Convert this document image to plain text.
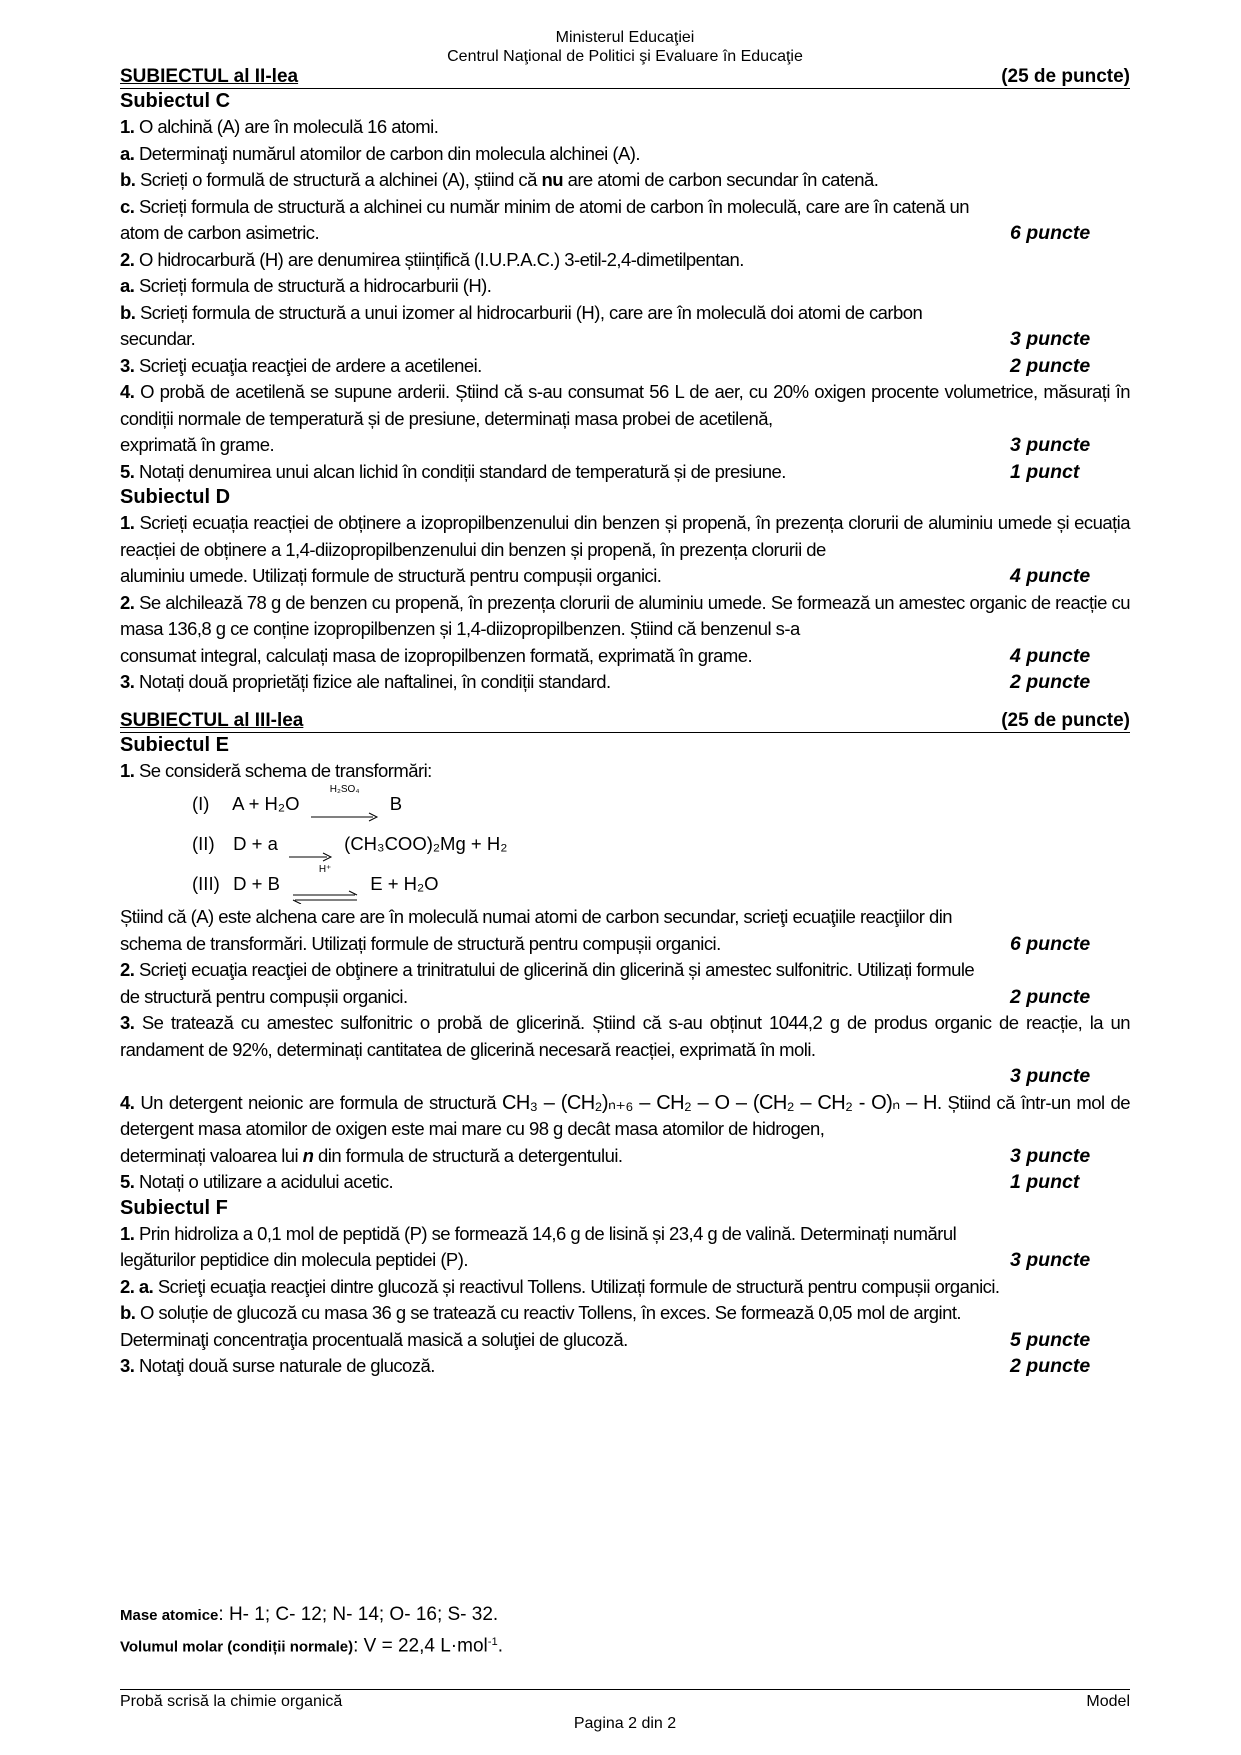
Ministerul Educaţiei
Centrul Naţional de Politici şi Evaluare în Educaţie
SUBIECTUL al II-lea	(25 de puncte)
Subiectul C
1. O alchină (A) are în moleculă 16 atomi.
a. Determinaţi numărul atomilor de carbon din molecula alchinei (A).
b. Scrieți o formulă de structură a alchinei (A), știind că nu are atomi de carbon secundar în catenă.
c. Scrieți formula de structură a alchinei cu număr minim de atomi de carbon în moleculă, care are în catenă un
atom de carbon asimetric.	6 puncte
2. O hidrocarbură (H) are denumirea științifică (I.U.P.A.C.) 3-etil-2,4-dimetilpentan.
a. Scrieți formula de structură a hidrocarburii (H).
b. Scrieți formula de structură a unui izomer al hidrocarburii (H), care are în moleculă doi atomi de carbon
secundar.	3 puncte
3. Scrieţi ecuaţia reacţiei de ardere a acetilenei.	2 puncte
4. O probă de acetilenă se supune arderii. Știind că s-au consumat 56 L de aer, cu 20% oxigen procente volumetrice, măsurați în condiții normale de temperatură și de presiune, determinați masa probei de acetilenă,
exprimată în grame.	3 puncte
5. Notați denumirea unui alcan lichid în condiții standard de temperatură și de presiune.	1 punct
Subiectul D
1. Scrieți ecuația reacției de obținere a izopropilbenzenului din benzen și propenă, în prezența clorurii de aluminiu umede și ecuația reacției de obținere a 1,4-diizopropilbenzenului din benzen și propenă, în prezența clorurii de
aluminiu umede. Utilizați formule de structură pentru compușii organici.	4 puncte
2. Se alchilează 78 g de benzen cu propenă, în prezența clorurii de aluminiu umede. Se formează un amestec organic de reacție cu masa 136,8 g ce conține izopropilbenzen și 1,4-diizopropilbenzen. Știind că benzenul s-a
consumat integral, calculați masa de izopropilbenzen formată, exprimată în grame.	4 puncte
3. Notați două proprietăți fizice ale naftalinei, în condiții standard.	2 puncte
SUBIECTUL al III-lea	(25 de puncte)
Subiectul E
1. Se consideră schema de transformări:
(I) A + H₂O
H₂SO₄
B
(II) D + a	(CH₃COO)₂Mg + H₂
(III) D + B
H⁺
E + H₂O
Știind că (A) este alchena care are în moleculă numai atomi de carbon secundar, scrieţi ecuaţiile reacţiilor din
schema de transformări. Utilizați formule de structură pentru compușii organici.	6 puncte
2. Scrieţi ecuaţia reacţiei de obţinere a trinitratului de glicerină din glicerină și amestec sulfonitric. Utilizați formule
de structură pentru compușii organici.	2 puncte
3. Se tratează cu amestec sulfonitric o probă de glicerină. Știind că s-au obținut 1044,2 g de produs organic de reacție, la un randament de 92%, determinați cantitatea de glicerină necesară reacției, exprimată în moli.
3 puncte
4. Un detergent neionic are formula de structură CH₃ – (CH₂)ₙ₊₆ – CH₂ – O – (CH₂ – CH₂ - O)ₙ – H. Știind că într-un mol de detergent masa atomilor de oxigen este mai mare cu 98 g decât masa atomilor de hidrogen,
determinați valoarea lui n din formula de structură a detergentului.	3 puncte
5. Notați o utilizare a acidului acetic.	1 punct
Subiectul F
1. Prin hidroliza a 0,1 mol de peptidă (P) se formează 14,6 g de lisină și 23,4 g de valină. Determinați numărul
legăturilor peptidice din molecula peptidei (P).	3 puncte
2. a. Scrieţi ecuaţia reacţiei dintre glucoză și reactivul Tollens. Utilizați formule de structură pentru compușii organici.
b. O soluție de glucoză cu masa 36 g se tratează cu reactiv Tollens, în exces. Se formează 0,05 mol de argint.
Determinaţi concentraţia procentuală masică a soluţiei de glucoză.	5 puncte
3. Notaţi două surse naturale de glucoză.	2 puncte
Mase atomice: H- 1; C- 12; N- 14; O- 16; S- 32.
Volumul molar (condiții normale): V = 22,4 L·mol$^{-1}$.
Probă scrisă la chimie organică	Model
Pagina 2 din 2
